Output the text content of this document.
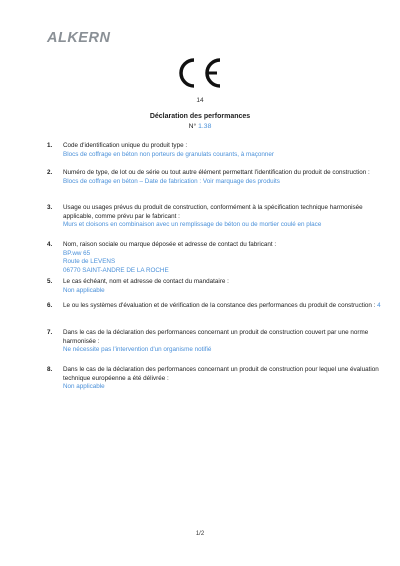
ALKERN
14
Déclaration des performances
N° 1.38
1. Code d'identification unique du produit type :
Blocs de coffrage en béton non porteurs de granulats courants, à maçonner
2. Numéro de type, de lot ou de série ou tout autre élément permettant l'identification du produit de construction :
Blocs de coffrage en béton – Date de fabrication : Voir marquage des produits
3. Usage ou usages prévus du produit de construction, conformément à la spécification technique harmonisée applicable, comme prévu par le fabricant :
Murs et cloisons en combinaison avec un remplissage de béton ou de mortier coulé en place
4. Nom, raison sociale ou marque déposée et adresse de contact du fabricant :
BP.ww 65
Route de LEVENS
06770 SAINT-ANDRE DE LA ROCHE
5. Le cas échéant, nom et adresse de contact du mandataire :
Non applicable
6. Le ou les systèmes d'évaluation et de vérification de la constance des performances du produit de construction : 4
7. Dans le cas de la déclaration des performances concernant un produit de construction couvert par une norme harmonisée :
Ne nécessite pas l'intervention d'un organisme notifié
8. Dans le cas de la déclaration des performances concernant un produit de construction pour lequel une évaluation technique européenne a été délivrée :
Non applicable
1/2
